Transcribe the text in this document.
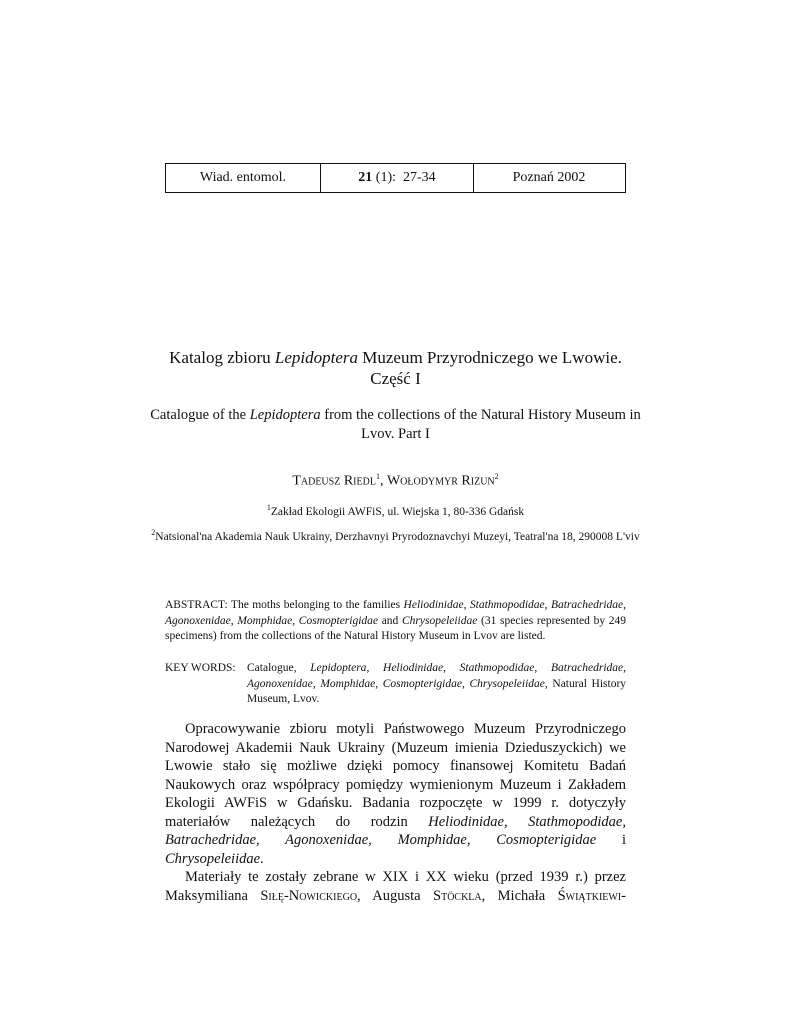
Wiad. entomol.	21 (1):  27-34	Poznań 2002
Katalog zbioru Lepidoptera Muzeum Przyrodniczego we Lwowie.
Część I
Catalogue of the Lepidoptera from the collections of the Natural History Museum in Lvov. Part I
Tadeusz Riedl$^1$, Wołodymyr Rizun$^2$
$^1$Zakład Ekologii AWFiS, ul. Wiejska 1, 80-336 Gdańsk
$^2$Natsional'na Akademia Nauk Ukrainy, Derzhavnyi Pryrodoznavchyi Muzeyi, Teatral'na 18, 290008 L'viv
ABSTRACT: The moths belonging to the families Heliodinidae, Stathmopodidae, Batrachedridae, Agonoxenidae, Momphidae, Cosmopterigidae and Chrysopeleiidae (31 species represented by 249 specimens) from the collections of the Natural History Museum in Lvov are listed.
KEY WORDS: Catalogue, Lepidoptera, Heliodinidae, Stathmopodidae, Batrachedridae, Agonoxenidae, Momphidae, Cosmopterigidae, Chrysopeleiidae, Natural History Museum, Lvov.

Opracowywanie zbioru motyli Państwowego Muzeum Przyrodniczego Narodowej Akademii Nauk Ukrainy (Muzeum imienia Dzieduszyckich) we Lwowie stało się możliwe dzięki pomocy finansowej Komitetu Badań Naukowych oraz współpracy pomiędzy wymienionym Muzeum i Zakładem Ekologii AWFiS w Gdańsku. Badania rozpoczęte w 1999 r. dotyczyły materiałów należących do rodzin Heliodinidae, Stathmopodidae, Batrachedridae, Agonoxenidae, Momphidae, Cosmopterigidae i Chrysopeleiidae.

Materiały te zostały zebrane w XIX i XX wieku (przed 1939 r.) przez Maksymiliana Siłę-Nowickiego, Augusta Stöckla, Michała Świątkiewi-
